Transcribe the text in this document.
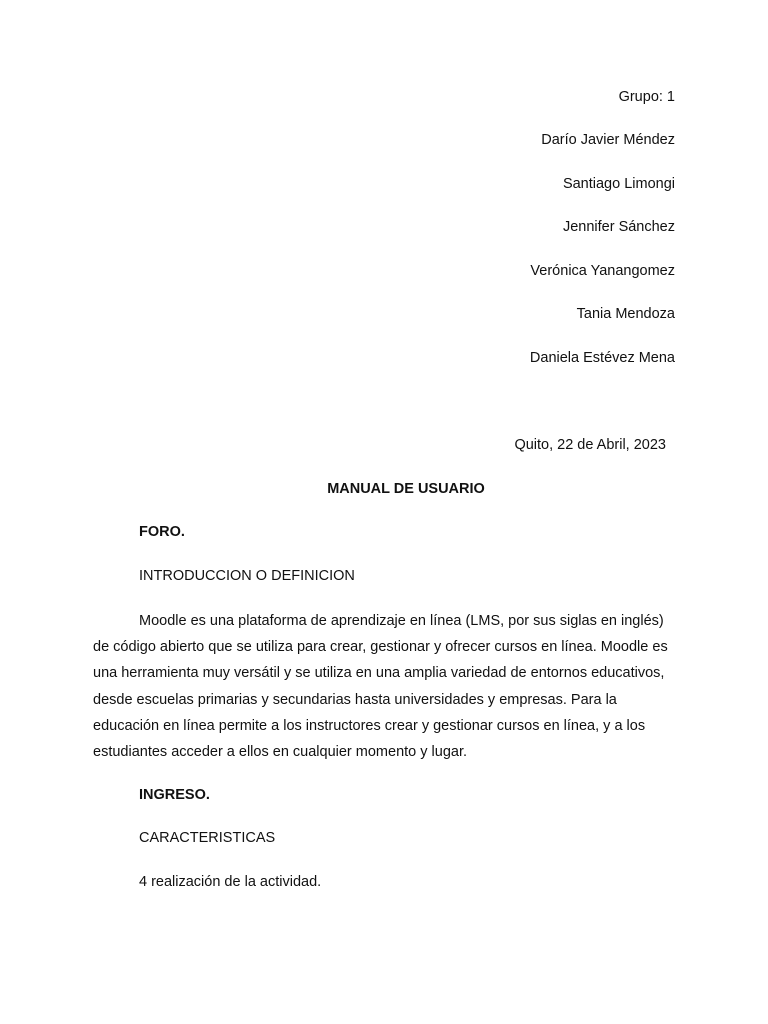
Grupo: 1
Darío Javier Méndez
Santiago Limongi
Jennifer Sánchez
Verónica Yanangomez
Tania Mendoza
Daniela Estévez Mena
Quito, 22 de Abril, 2023
MANUAL DE USUARIO
FORO.
INTRODUCCION O DEFINICION

Moodle es una plataforma de aprendizaje en línea (LMS, por sus siglas en inglés) de código abierto que se utiliza para crear, gestionar y ofrecer cursos en línea. Moodle es una herramienta muy versátil y se utiliza en una amplia variedad de entornos educativos, desde escuelas primarias y secundarias hasta universidades y empresas. Para la educación en línea permite a los instructores crear y gestionar cursos en línea, y a los estudiantes acceder a ellos en cualquier momento y lugar.

INGRESO.
CARACTERISTICAS
4 realización de la actividad.
